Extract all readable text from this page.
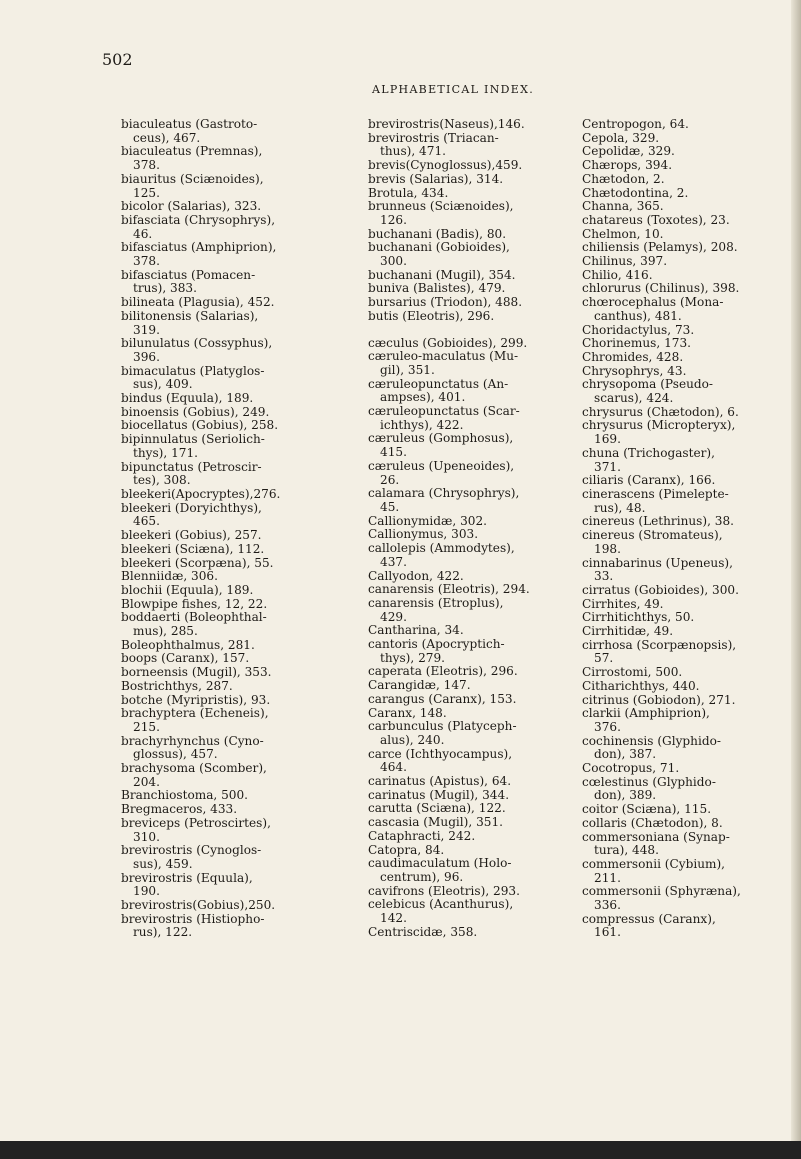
502
ALPHABETICAL INDEX.
biaculeatus (Gastroto-
ceus), 467.
biaculeatus (Premnas),
378.
biauritus (Sciænoides),
125.
bicolor (Salarias), 323.
bifasciata (Chrysophrys),
46.
bifasciatus (Amphiprion),
378.
bifasciatus (Pomacen-
trus), 383.
bilineata (Plagusia), 452.
bilitonensis (Salarias),
319.
bilunulatus (Cossyphus),
396.
bimaculatus (Platyglos-
sus), 409.
bindus (Equula), 189.
binoensis (Gobius), 249.
biocellatus (Gobius), 258.
bipinnulatus (Seriolich-
thys), 171.
bipunctatus (Petroscir-
tes), 308.
bleekeri(Apocryptes),276.
bleekeri (Doryichthys),
465.
bleekeri (Gobius), 257.
bleekeri (Sciæna), 112.
bleekeri (Scorpæna), 55.
Blenniidæ, 306.
blochii (Equula), 189.
Blowpipe fishes, 12, 22.
boddaerti (Boleophthal-
mus), 285.
Boleophthalmus, 281.
boops (Caranx), 157.
borneensis (Mugil), 353.
Bostrichthys, 287.
botche (Myripristis), 93.
brachyptera (Echeneis),
215.
brachyrhynchus (Cyno-
glossus), 457.
brachysoma (Scomber),
204.
Branchiostoma, 500.
Bregmaceros, 433.
breviceps (Petroscirtes),
310.
brevirostris (Cynoglos-
sus), 459.
brevirostris (Equula),
190.
brevirostris(Gobius),250.
brevirostris (Histiopho-
rus), 122.
brevirostris(Naseus),146.
brevirostris (Triacan-
thus), 471.
brevis(Cynoglossus),459.
brevis (Salarias), 314.
Brotula, 434.
brunneus (Sciænoides),
126.
buchanani (Badis), 80.
buchanani (Gobioides),
300.
buchanani (Mugil), 354.
buniva (Balistes), 479.
bursarius (Triodon), 488.
butis (Eleotris), 296.
cæculus (Gobioides), 299.
cæruleo-maculatus (Mu-
gil), 351.
cæruleopunctatus (An-
ampses), 401.
cæruleopunctatus (Scar-
ichthys), 422.
cæruleus (Gomphosus),
415.
cæruleus (Upeneoides),
26.
calamara (Chrysophrys),
45.
Callionymidæ, 302.
Callionymus, 303.
callolepis (Ammodytes),
437.
Callyodon, 422.
canarensis (Eleotris), 294.
canarensis (Etroplus),
429.
Cantharina, 34.
cantoris (Apocryptich-
thys), 279.
caperata (Eleotris), 296.
Carangidæ, 147.
carangus (Caranx), 153.
Caranx, 148.
carbunculus (Platyceph-
alus), 240.
carce (Ichthyocampus),
464.
carinatus (Apistus), 64.
carinatus (Mugil), 344.
carutta (Sciæna), 122.
cascasia (Mugil), 351.
Cataphracti, 242.
Catopra, 84.
caudimaculatum (Holo-
centrum), 96.
cavifrons (Eleotris), 293.
celebicus (Acanthurus),
142.
Centriscidæ, 358.
Centropogon, 64.
Cepola, 329.
Cepolidæ, 329.
Chærops, 394.
Chætodon, 2.
Chætodontina, 2.
Channa, 365.
chatareus (Toxotes), 23.
Chelmon, 10.
chiliensis (Pelamys), 208.
Chilinus, 397.
Chilio, 416.
chlorurus (Chilinus), 398.
chœrocephalus (Mona-
canthus), 481.
Choridactylus, 73.
Chorinemus, 173.
Chromides, 428.
Chrysophrys, 43.
chrysopoma (Pseudo-
scarus), 424.
chrysurus (Chætodon), 6.
chrysurus (Micropteryx),
169.
chuna (Trichogaster),
371.
ciliaris (Caranx), 166.
cinerascens (Pimelepte-
rus), 48.
cinereus (Lethrinus), 38.
cinereus (Stromateus),
198.
cinnabarinus (Upeneus),
33.
cirratus (Gobioides), 300.
Cirrhites, 49.
Cirrhitichthys, 50.
Cirrhitidæ, 49.
cirrhosa (Scorpænopsis),
57.
Cirrostomi, 500.
Citharichthys, 440.
citrinus (Gobiodon), 271.
clarkii (Amphiprion),
376.
cochinensis (Glyphido-
don), 387.
Cocotropus, 71.
cœlestinus (Glyphido-
don), 389.
coitor (Sciæna), 115.
collaris (Chætodon), 8.
commersoniana (Synap-
tura), 448.
commersonii (Cybium),
211.
commersonii (Sphyræna),
336.
compressus (Caranx),
161.
